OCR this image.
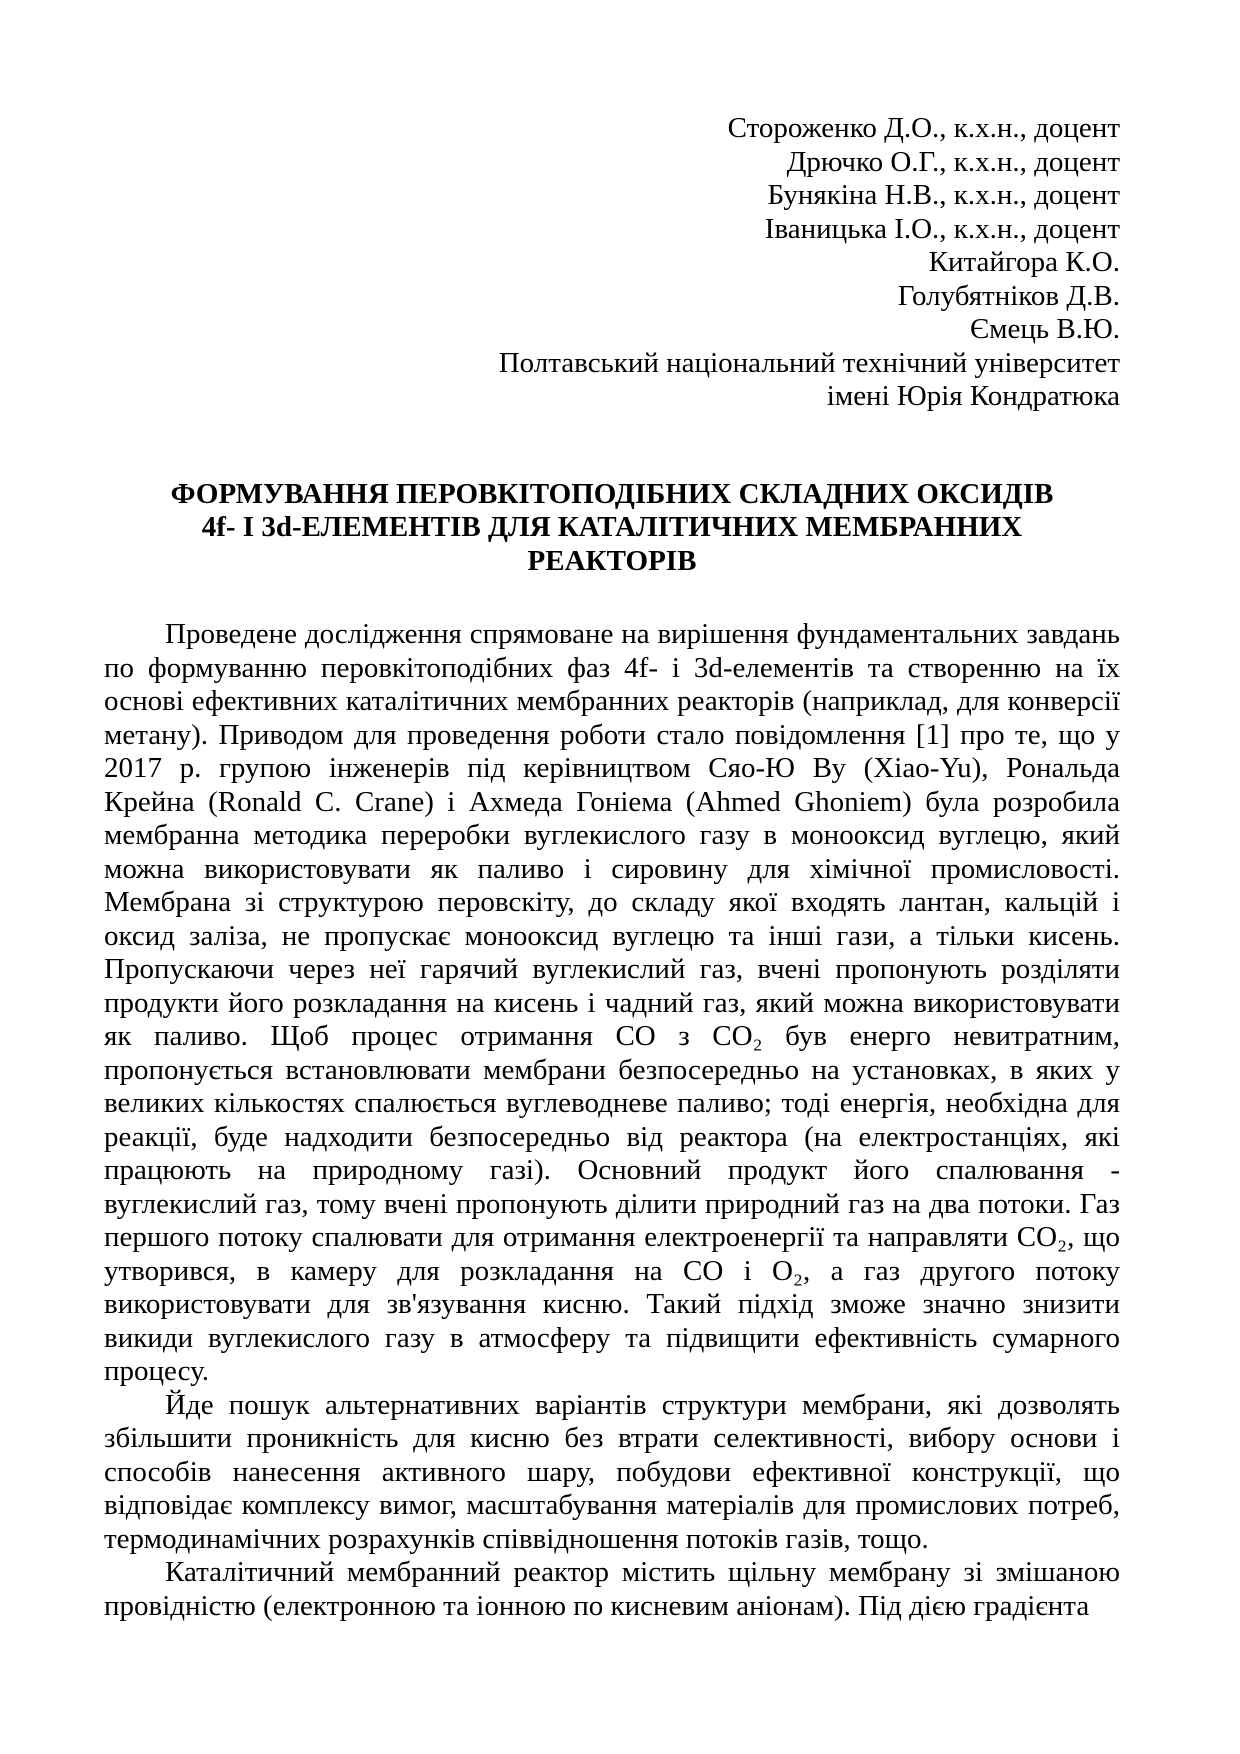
Стороженко Д.О., к.х.н., доцент
Дрючко О.Г., к.х.н., доцент
Бунякіна Н.В., к.х.н., доцент
Іваницька І.О., к.х.н., доцент
Китайгора К.О.
Голубятніков Д.В.
Ємець В.Ю.
Полтавський національний технічний університет
імені Юрія Кондратюка
ФОРМУВАННЯ ПЕРОВКІТОПОДІБНИХ СКЛАДНИХ ОКСИДІВ
4f- І 3d-ЕЛЕМЕНТІВ ДЛЯ КАТАЛІТИЧНИХ МЕМБРАННИХ
РЕАКТОРІВ

Проведене дослідження спрямоване на вирішення фундаментальних завдань по формуванню перовкітоподібних фаз 4f- і 3d-елементів та створенню на їх основі ефективних каталітичних мембранних реакторів (наприклад, для конверсії метану). Приводом для проведення роботи стало повідомлення [1] про те, що у 2017 р. групою інженерів під керівництвом Сяо-Ю Ву (Xiao-Yu), Рональда Крейна (Ronald C. Crane) і Ахмеда Гоніема (Ahmed Ghoniem) була розробила мембранна методика переробки вуглекислого газу в монооксид вуглецю, який можна використовувати як паливо і сировину для хімічної промисловості. Мембрана зі структурою перовскіту, до складу якої входять лантан, кальцій і оксид заліза, не пропускає монооксид вуглецю та інші гази, а тільки кисень. Пропускаючи через неї гарячий вуглекислий газ, вчені пропонують розділяти продукти його розкладання на кисень і чадний газ, який можна використовувати як паливо. Щоб процес отримання CO з CO₂ був енерго невитратним, пропонується встановлювати мембрани безпосередньо на установках, в яких у великих кількостях спалюється вуглеводневе паливо; тоді енергія, необхідна для реакції, буде надходити безпосередньо від реактора (на електростанціях, які працюють на природному газі). Основний продукт його спалювання - вуглекислий газ, тому вчені пропонують ділити природний газ на два потоки. Газ першого потоку спалювати для отримання електроенергії та направляти CO₂, що утворився, в камеру для розкладання на CO і O₂, а газ другого потоку використовувати для зв'язування кисню. Такий підхід зможе значно знизити викиди вуглекислого газу в атмосферу та підвищити ефективність сумарного процесу.

Йде пошук альтернативних варіантів структури мембрани, які дозволять збільшити проникність для кисню без втрати селективності, вибору основи і способів нанесення активного шару, побудови ефективної конструкції, що відповідає комплексу вимог, масштабування матеріалів для промислових потреб, термодинамічних розрахунків співвідношення потоків газів, тощо.

Каталітичний мембранний реактор містить щільну мембрану зі змішаною провідністю (електронною та іонною по кисневим аніонам). Під дією градієнта
